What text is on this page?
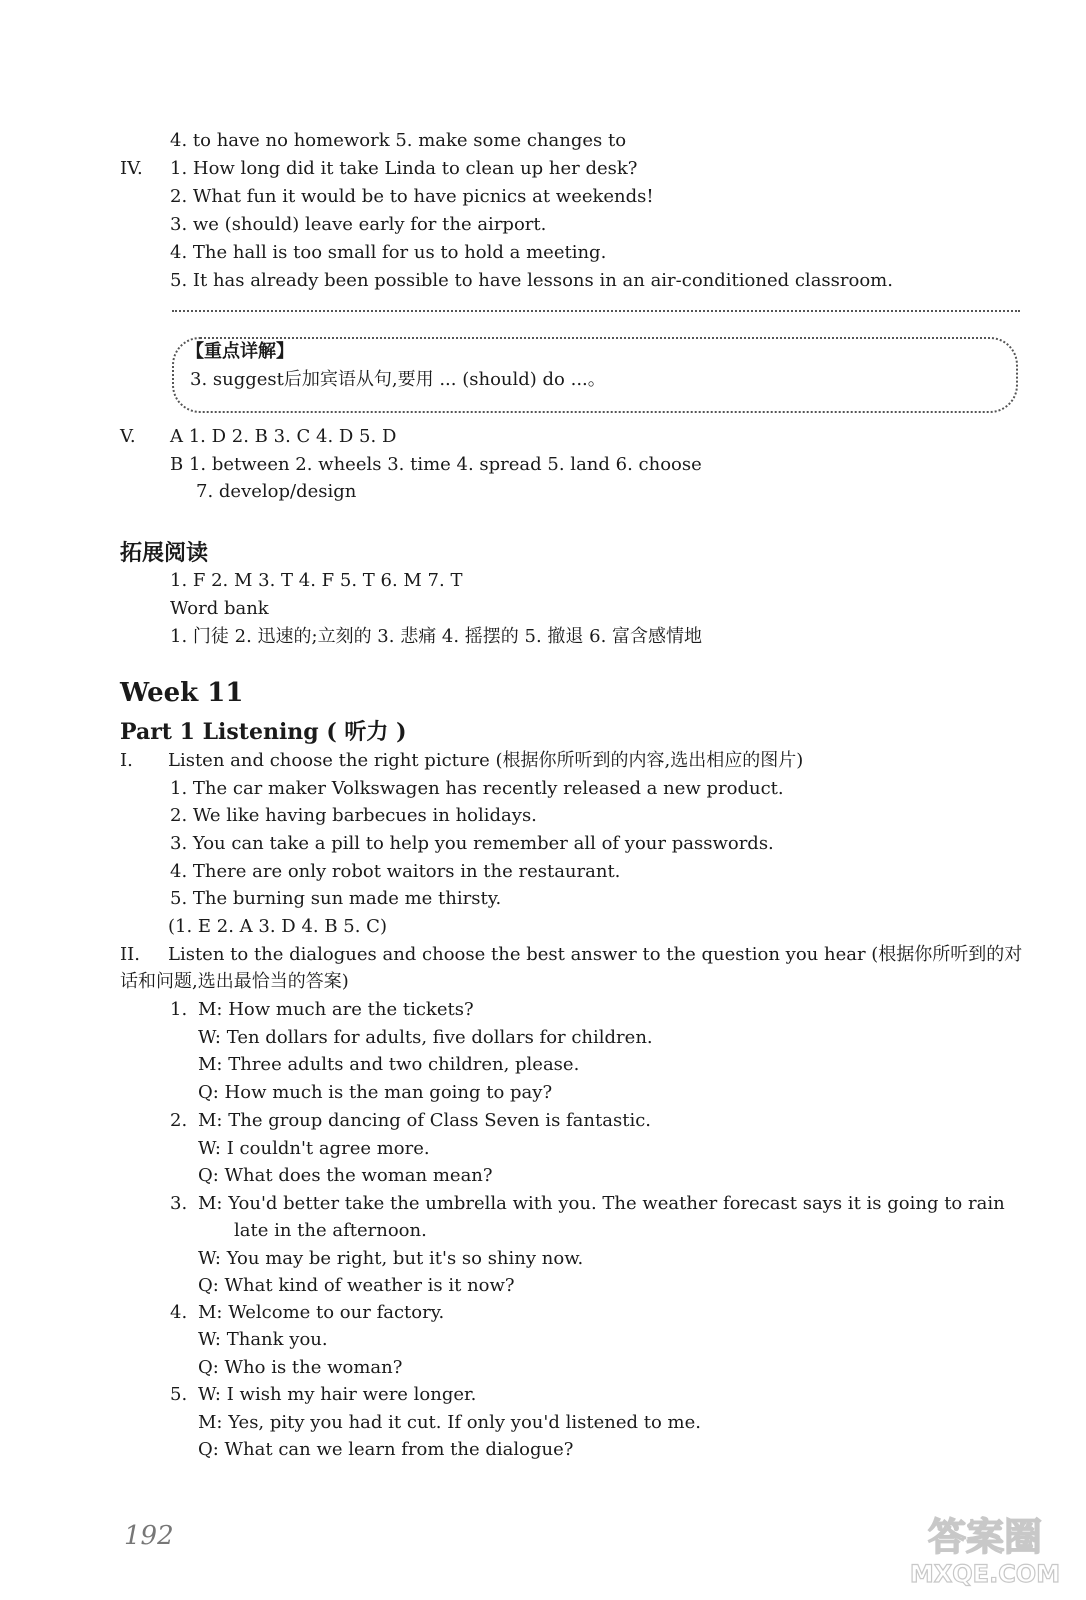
4. to have no homework 5. make some changes to
IV. 1. How long did it take Linda to clean up her desk?
2. What fun it would be to have picnics at weekends!
3. we (should) leave early for the airport.
4. The hall is too small for us to hold a meeting.
5. It has already been possible to have lessons in an air-conditioned classroom.
【重点详解】
3. suggest后加宾语从句,要用 ... (should) do ...。
V. A 1. D 2. B 3. C 4. D 5. D
B 1. between 2. wheels 3. time 4. spread 5. land 6. choose
7. develop/design
拓展阅读
1. F 2. M 3. T 4. F 5. T 6. M 7. T
Word bank
1. 门徒 2. 迅速的;立刻的 3. 悲痛 4. 摇摆的 5. 撤退 6. 富含感情地
Week 11
Part 1 Listening ( 听力 )
I. Listen and choose the right picture (根据你所听到的内容,选出相应的图片)
1. The car maker Volkswagen has recently released a new product.
2. We like having barbecues in holidays.
3. You can take a pill to help you remember all of your passwords.
4. There are only robot waitors in the restaurant.
5. The burning sun made me thirsty.
(1. E 2. A 3. D 4. B 5. C)
II. Listen to the dialogues and choose the best answer to the question you hear (根据你所听到的对
话和问题,选出最恰当的答案)
1. M: How much are the tickets?
W: Ten dollars for adults, five dollars for children.
M: Three adults and two children, please.
Q: How much is the man going to pay?
2. M: The group dancing of Class Seven is fantastic.
W: I couldn't agree more.
Q: What does the woman mean?
3. M: You'd better take the umbrella with you. The weather forecast says it is going to rain
late in the afternoon.
W: You may be right, but it's so shiny now.
Q: What kind of weather is it now?
4. M: Welcome to our factory.
W: Thank you.
Q: Who is the woman?
5. W: I wish my hair were longer.
M: Yes, pity you had it cut. If only you'd listened to me.
Q: What can we learn from the dialogue?
192	答案圈
MXQE.COM
